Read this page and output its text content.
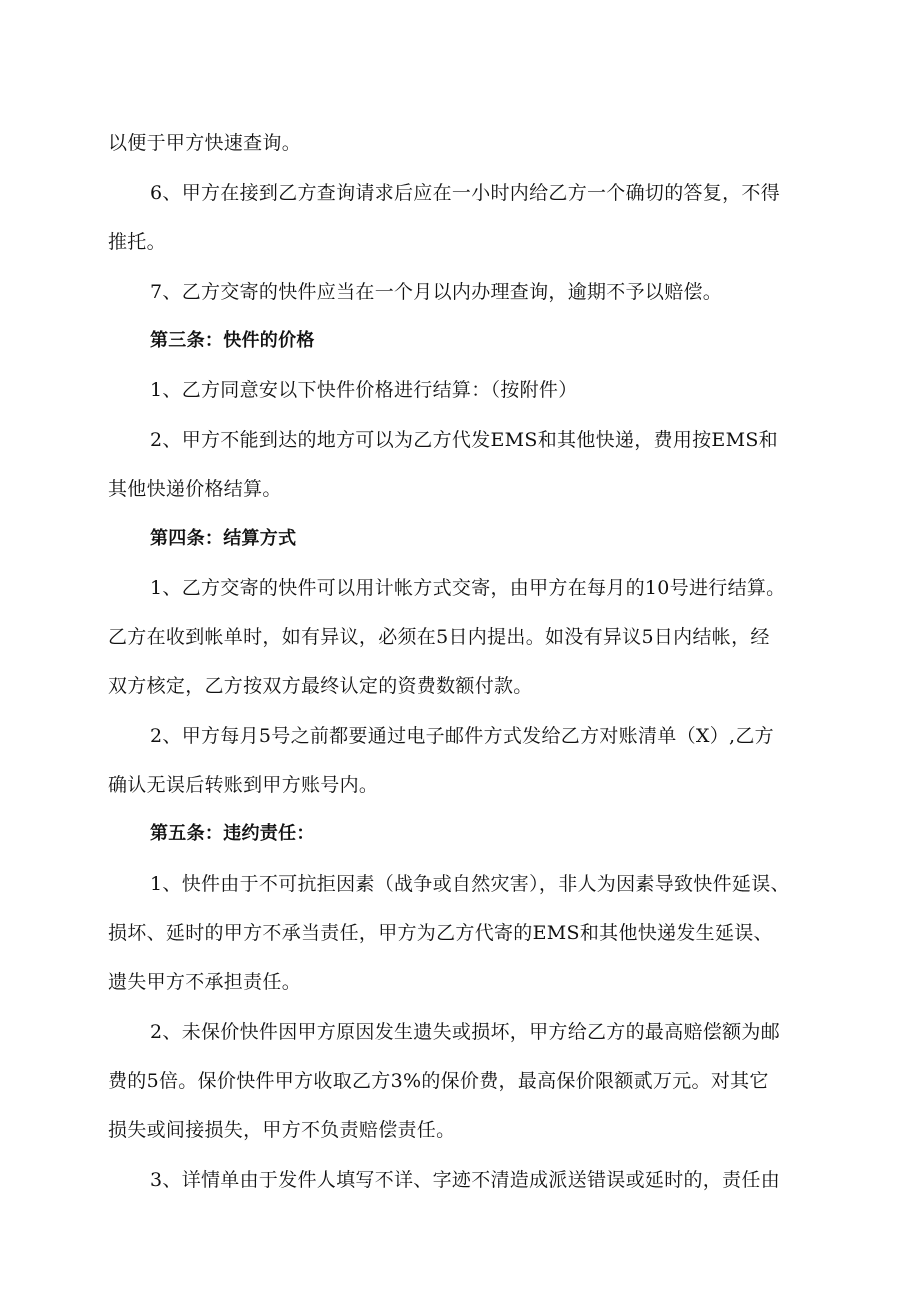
以便于甲方快速查询。
6、甲方在接到乙方查询请求后应在一小时内给乙方一个确切的答复，不得
推托。
7、乙方交寄的快件应当在一个月以内办理查询，逾期不予以赔偿。
第三条：快件的价格
1、乙方同意安以下快件价格进行结算：（按附件）
2、甲方不能到达的地方可以为乙方代发EMS和其他快递，费用按EMS和
其他快递价格结算。
第四条：结算方式
1、乙方交寄的快件可以用计帐方式交寄，由甲方在每月的10号进行结算。
乙方在收到帐单时，如有异议，必须在5日内提出。如没有异议5日内结帐，经
双方核定，乙方按双方最终认定的资费数额付款。
2、甲方每月5号之前都要通过电子邮件方式发给乙方对账清单（X）,乙方
确认无误后转账到甲方账号内。
第五条：违约责任：
1、快件由于不可抗拒因素（战争或自然灾害），非人为因素导致快件延误、
损坏、延时的甲方不承当责任，甲方为乙方代寄的EMS和其他快递发生延误、
遗失甲方不承担责任。
2、未保价快件因甲方原因发生遗失或损坏，甲方给乙方的最高赔偿额为邮
费的5倍。保价快件甲方收取乙方3%的保价费，最高保价限额贰万元。对其它
损失或间接损失，甲方不负责赔偿责任。
3、详情单由于发件人填写不详、字迹不清造成派送错误或延时的，责任由
